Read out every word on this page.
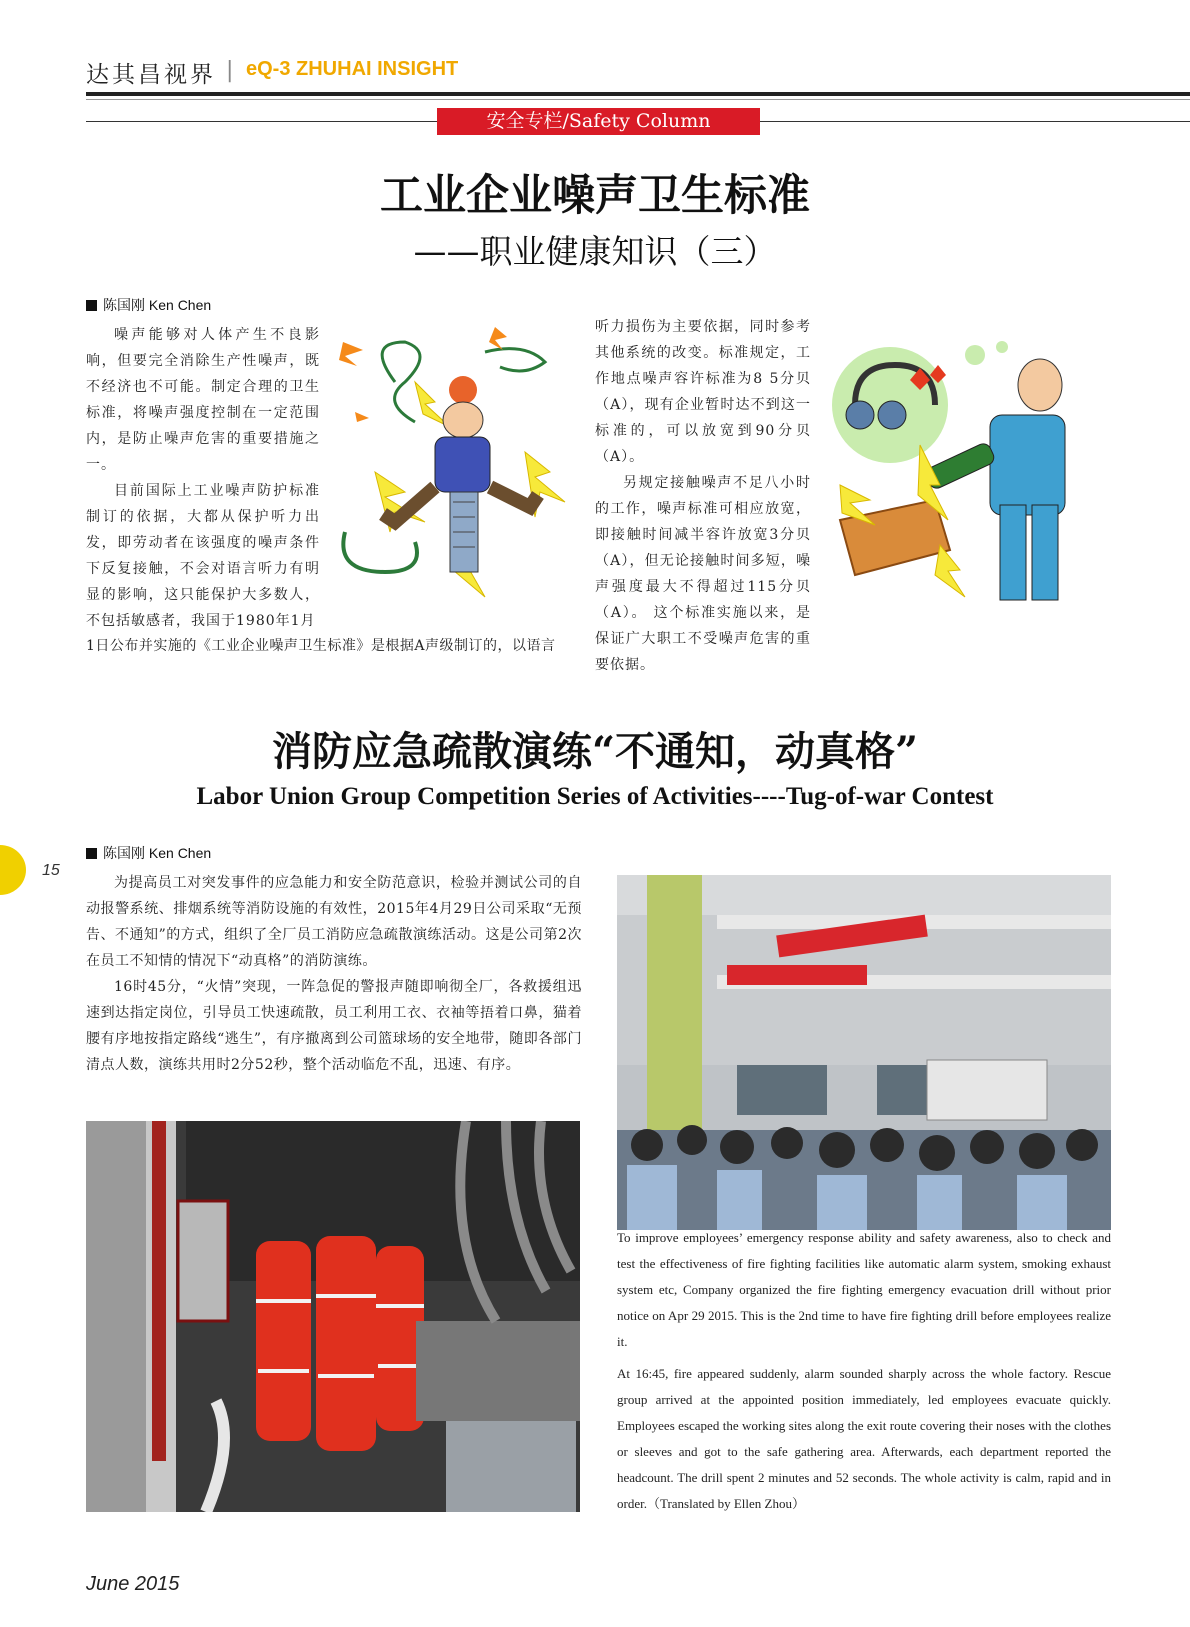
达其昌视界 | eQ-3 ZHUHAI INSIGHT
安全专栏/Safety Column
工业企业噪声卫生标准
——职业健康知识（三）
陈国刚 Ken Chen

噪声能够对人体产生不良影响，但要完全消除生产性噪声，既不经济也不可能。制定合理的卫生标准，将噪声强度控制在一定范围内，是防止噪声危害的重要措施之一。

目前国际上工业噪声防护标准制订的依据，大都从保护听力出发，即劳动者在该强度的噪声条件下反复接触，不会对语言听力有明显的影响，这只能保护大多数人，不包括敏感者，我国于1980年1月

1日公布并实施的《工业企业噪声卫生标准》是根据A声级制订的，以语言

听力损伤为主要依据，同时参考其他系统的改变。标准规定，工作地点噪声容许标准为8 5分贝（A），现有企业暂时达不到这一标准的，可以放宽到90分贝（A）。

另规定接触噪声不足八小时的工作，噪声标准可相应放宽，即接触时间减半容许放宽3分贝（A），但无论接触时间多短，噪声强度最大不得超过115分贝（A）。 这个标准实施以来，是保证广大职工不受噪声危害的重要依据。

消防应急疏散演练“不通知，动真格”
Labor Union Group Competition Series of Activities----Tug-of-war Contest
15
陈国刚 Ken Chen

为提高员工对突发事件的应急能力和安全防范意识，检验并测试公司的自动报警系统、排烟系统等消防设施的有效性，2015年4月29日公司采取“无预告、不通知”的方式，组织了全厂员工消防应急疏散演练活动。这是公司第2次在员工不知情的情况下“动真格”的消防演练。

16时45分，“火情”突现，一阵急促的警报声随即响彻全厂，各救援组迅速到达指定岗位，引导员工快速疏散，员工利用工衣、衣袖等捂着口鼻，猫着腰有序地按指定路线“逃生”，有序撤离到公司篮球场的安全地带，随即各部门清点人数，演练共用时2分52秒，整个活动临危不乱，迅速、有序。

To improve employees’ emergency response ability and safety awareness, also to check and test the effectiveness of fire fighting facilities like automatic alarm system, smoking exhaust system etc, Company organized the fire fighting emergency evacuation drill without prior notice on Apr 29 2015. This is the 2nd time to have fire fighting drill before employees realize it.

At 16:45, fire appeared suddenly, alarm sounded sharply across the whole factory. Rescue group arrived at the appointed position immediately, led employees evacuate quickly. Employees escaped the working sites along the exit route covering their noses with the clothes or sleeves and got to the safe gathering area. Afterwards, each department reported the headcount. The drill spent 2 minutes and 52 seconds. The whole activity is calm, rapid and in order.（Translated by Ellen Zhou）

June 2015
